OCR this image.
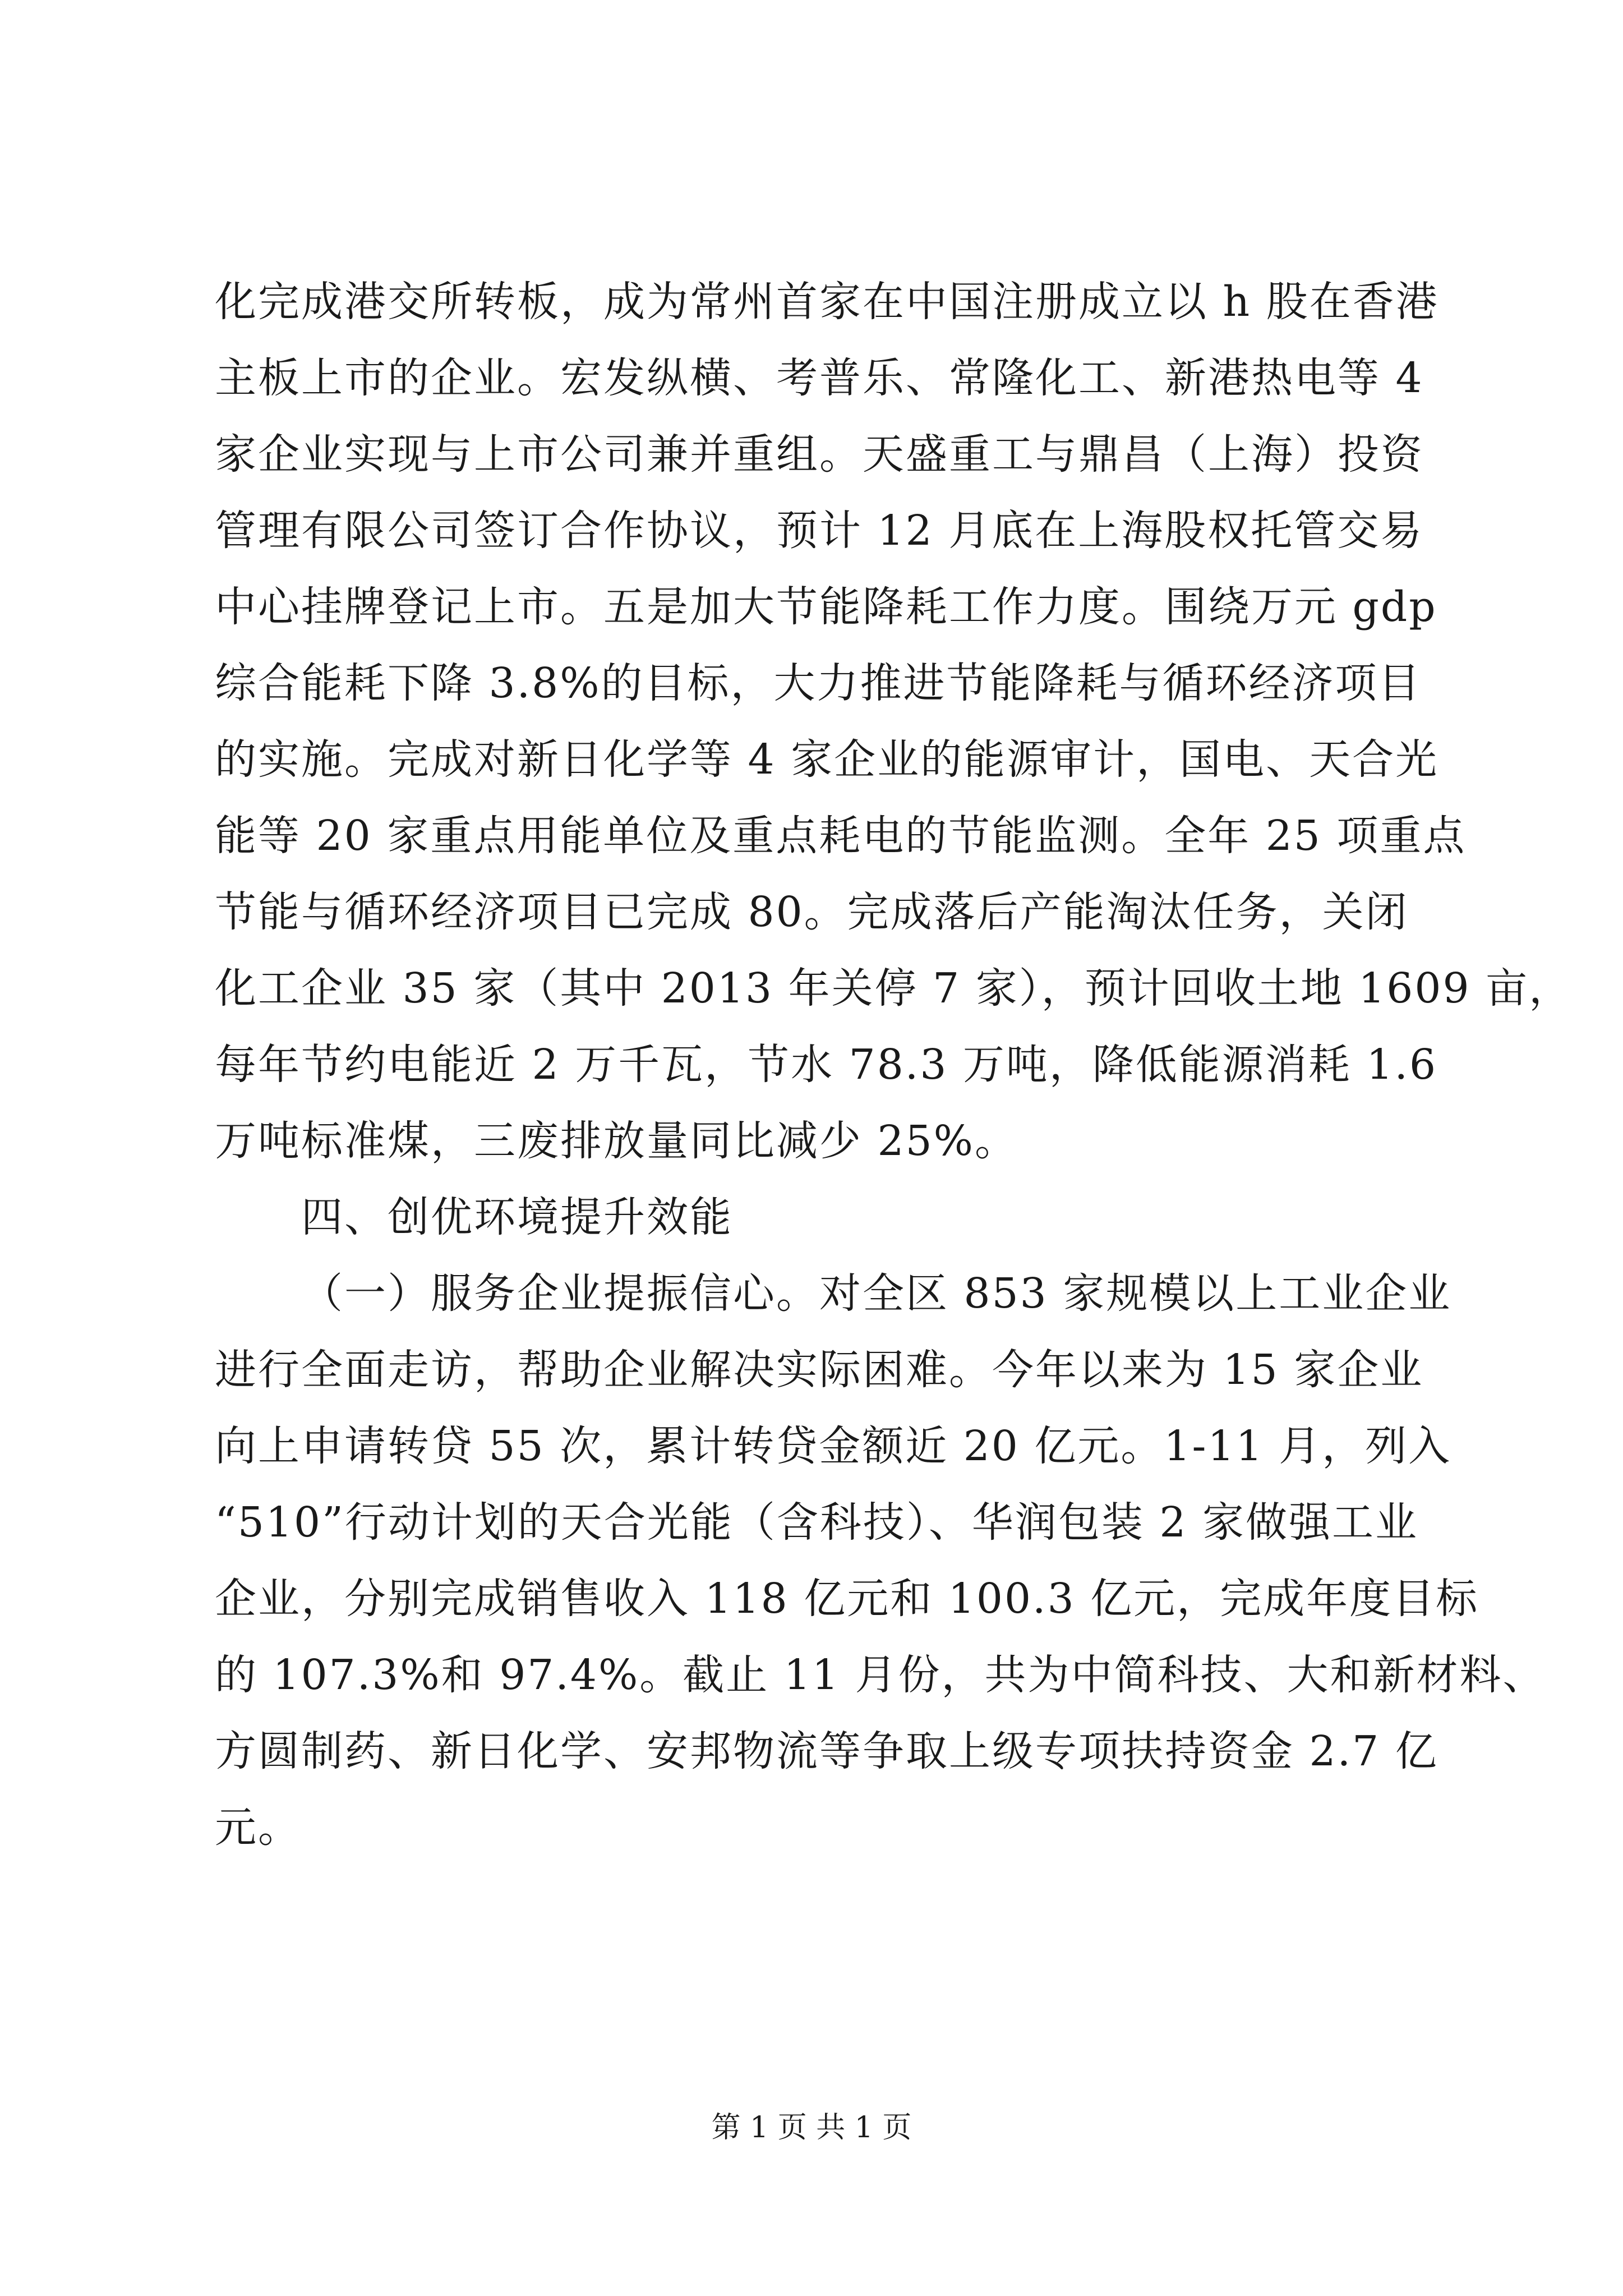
化完成港交所转板，成为常州首家在中国注册成立以 h 股在香港
主板上市的企业。宏发纵横、考普乐、常隆化工、新港热电等 4
家企业实现与上市公司兼并重组。天盛重工与鼎昌（上海）投资
管理有限公司签订合作协议，预计 12 月底在上海股权托管交易
中心挂牌登记上市。五是加大节能降耗工作力度。围绕万元 gdp
综合能耗下降 3.8%的目标，大力推进节能降耗与循环经济项目
的实施。完成对新日化学等 4 家企业的能源审计，国电、天合光
能等 20 家重点用能单位及重点耗电的节能监测。全年 25 项重点
节能与循环经济项目已完成 80。完成落后产能淘汰任务，关闭
化工企业 35 家（其中 2013 年关停 7 家），预计回收土地 1609 亩，
每年节约电能近 2 万千瓦，节水 78.3 万吨，降低能源消耗 1.6
万吨标准煤，三废排放量同比减少 25%。
四、创优环境提升效能
（一）服务企业提振信心。对全区 853 家规模以上工业企业
进行全面走访，帮助企业解决实际困难。今年以来为 15 家企业
向上申请转贷 55 次，累计转贷金额近 20 亿元。1-11 月，列入
“510”行动计划的天合光能（含科技）、华润包装 2 家做强工业
企业，分别完成销售收入 118 亿元和 100.3 亿元，完成年度目标
的 107.3%和 97.4%。截止 11 月份，共为中简科技、大和新材料、
方圆制药、新日化学、安邦物流等争取上级专项扶持资金 2.7 亿
元。
第 1 页 共 1 页
